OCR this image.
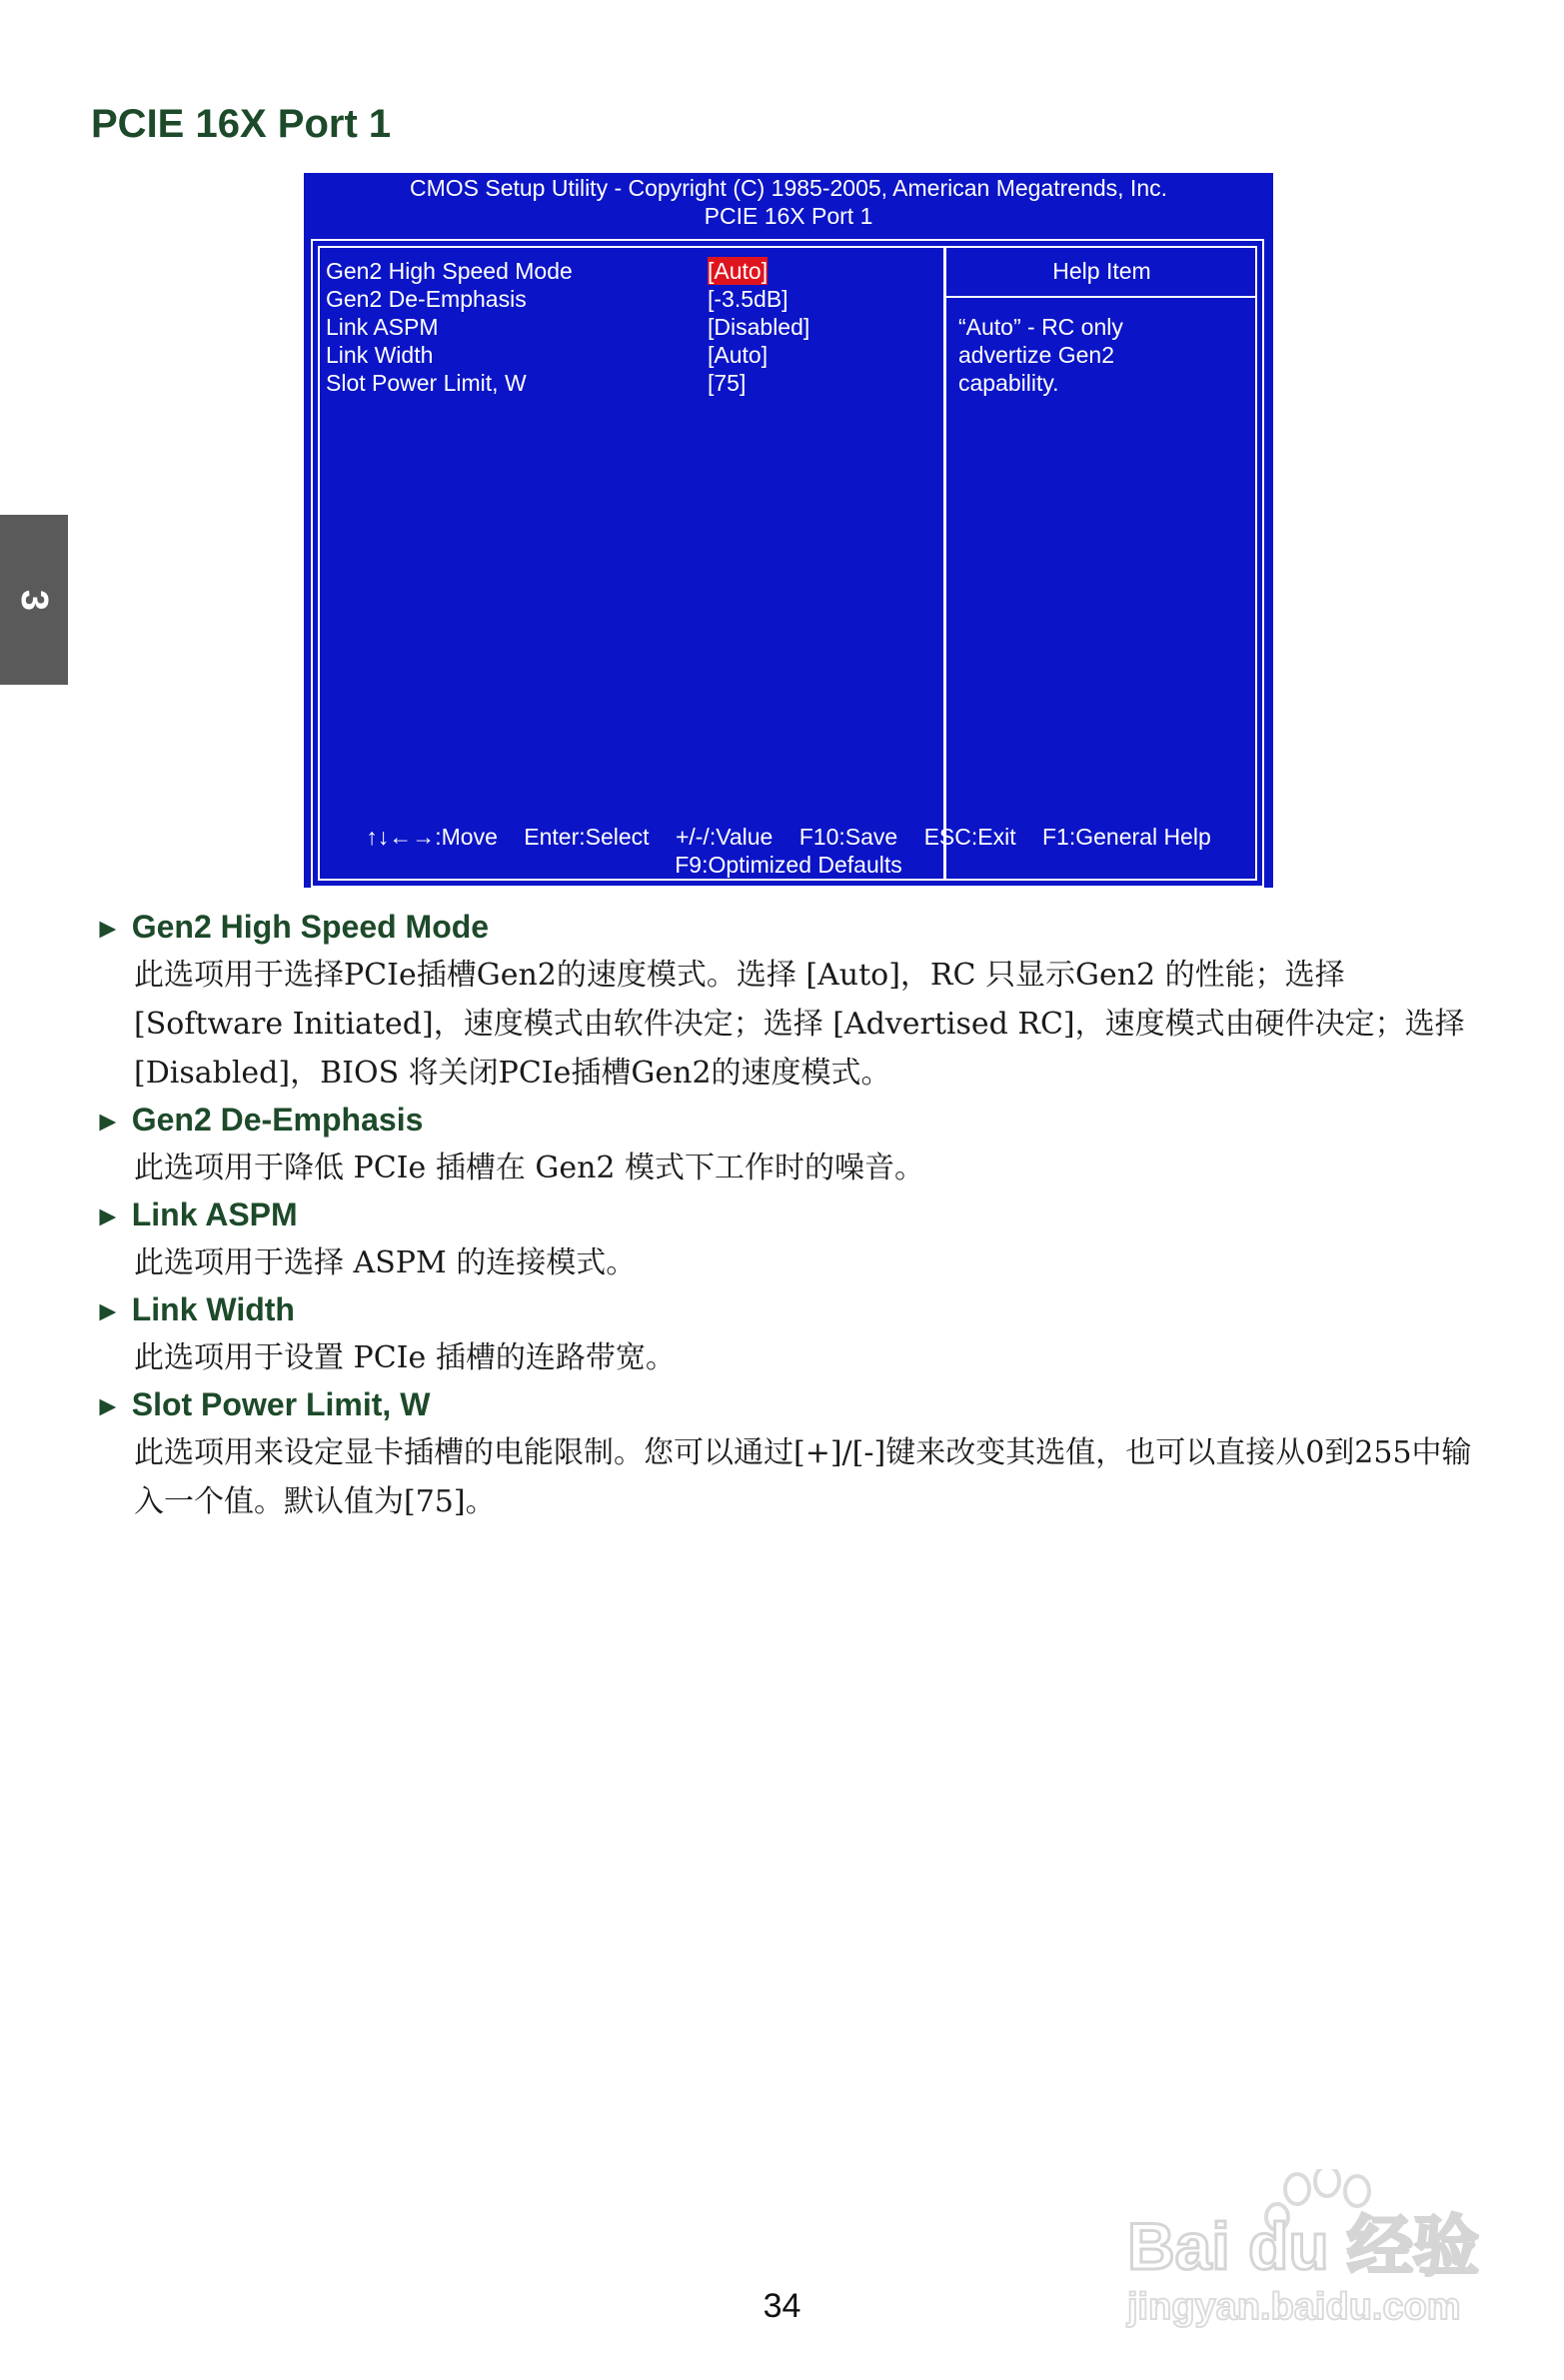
PCIE 16X Port 1
3
CMOS Setup Utility - Copyright (C) 1985-2005, American Megatrends, Inc.
PCIE 16X Port 1
Gen2 High Speed Mode	[Auto]
Gen2 De-Emphasis	[-3.5dB]
Link ASPM	[Disabled]
Link Width	[Auto]
Slot Power Limit, W	[75]
Help Item
“Auto” - RC only
advertize Gen2
capability.
↑↓←→:Move Enter:Select +/-/:Value F10:Save ESC:Exit F1:General Help
F9:Optimized Defaults
► Gen2 High Speed Mode
此选项用于选择PCIe插槽Gen2的速度模式。选择 [Auto]，RC 只显示Gen2 的性能；选择 [Software Initiated]，速度模式由软件决定；选择 [Advertised RC]，速度模式由硬件决定；选择 [Disabled]，BIOS 将关闭PCIe插槽Gen2的速度模式。
► Gen2 De-Emphasis
此选项用于降低 PCIe 插槽在 Gen2 模式下工作时的噪音。
► Link ASPM
此选项用于选择 ASPM 的连接模式。
► Link Width
此选项用于设置 PCIe 插槽的连路带宽。
► Slot Power Limit, W
此选项用来设定显卡插槽的电能限制。您可以通过[+]/[-]键来改变其选值，也可以直接从0到255中输入一个值。默认值为[75]。
Bai du 经验
jingyan.baidu.com
34
